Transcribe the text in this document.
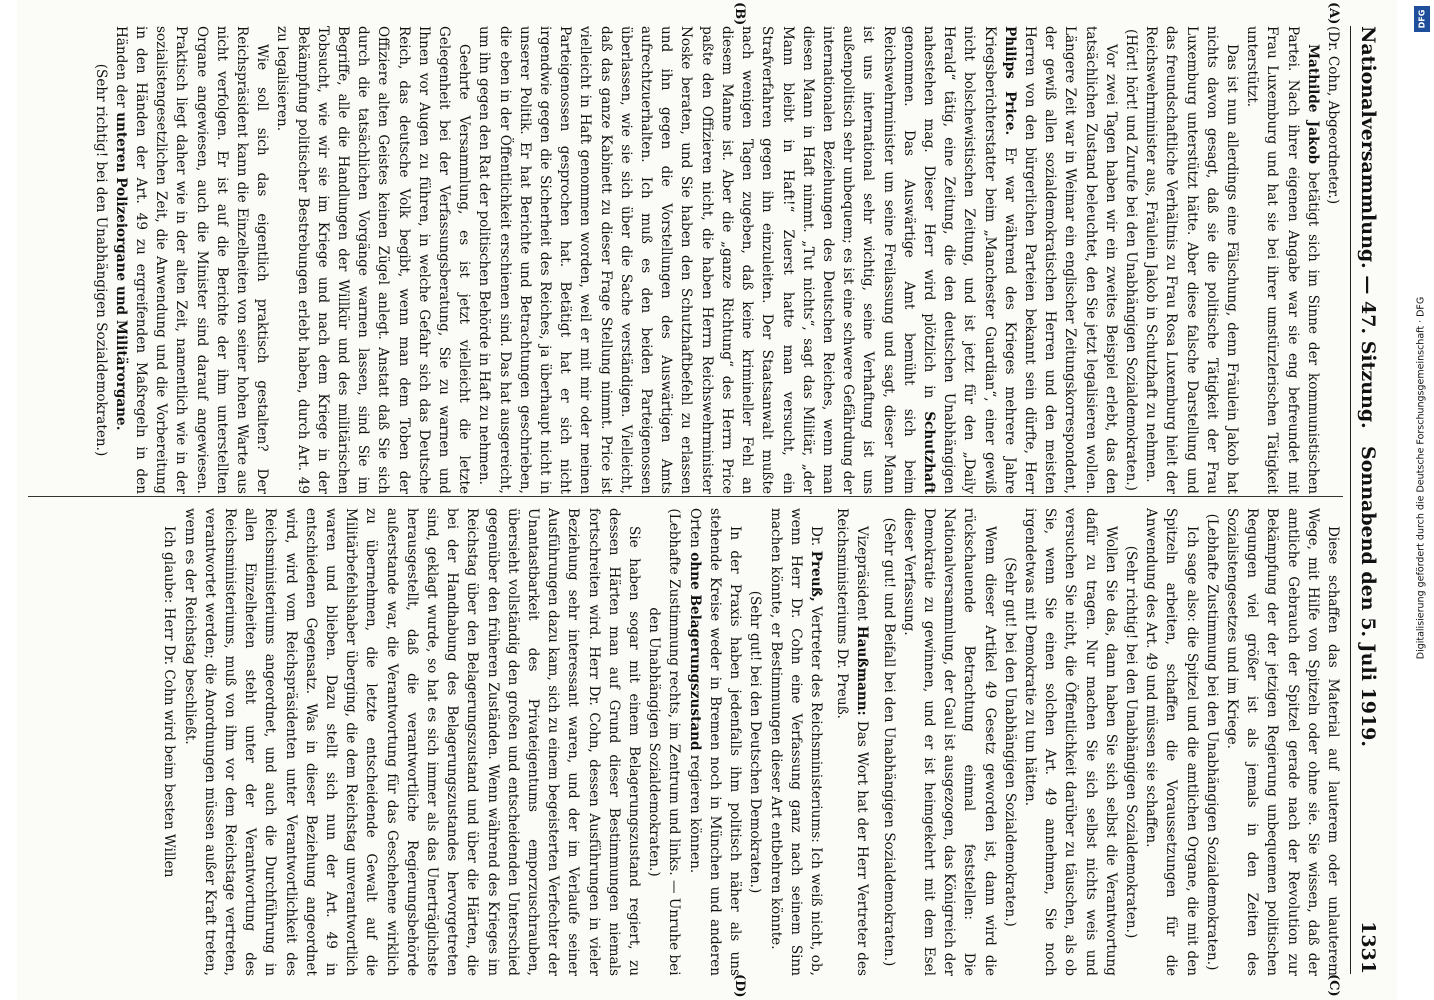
Nationalversammlung. — 47. Sitzung.
Sonnabend den 5. Juli 1919.
1331
(A)
(B)
(C)
(D)

(Dr. Cohn, Abgeordneter.)

Mathilde Jakob betätigt sich im Sinne der kommunistischen Partei. Nach ihrer eigenen Angabe war sie eng befreundet mit Frau Luxemburg und hat sie bei ihrer umstürzlerischen Tätigkeit unterstützt.

Das ist nun allerdings eine Fälschung, denn Fräulein Jakob hat nichts davon gesagt, daß sie die politische Tätigkeit der Frau Luxemburg unterstützt hätte. Aber diese falsche Darstellung und das freundschaftliche Verhältnis zu Frau Rosa Luxemburg hielt der Reichswehrminister aus, Fräulein Jakob in Schutzhaft zu nehmen.

(Hört! hört! und Zurufe bei den Unabhängigen Sozialdemokraten.)

Vor zwei Tagen haben wir ein zweites Beispiel erlebt, das den tatsächlichen Zustand beleuchtet, den Sie jetzt legalisieren wollen. Längere Zeit war in Weimar ein englischer Zeitungskorrespondent, der gewiß allen sozialdemokratischen Herren und den meisten Herren von den bürgerlichen Parteien bekannt sein dürfte, Herr Philips Price. Er war während des Krieges mehrere Jahre Kriegsberichterstatter beim „Manchester Guardian“, einer gewiß nicht bolschewistischen Zeitung, und ist jetzt für den „Daily Herald“ tätig, eine Zeitung, die den deutschen Unabhängigen nahestehen mag. Dieser Herr wird plötzlich in Schutzhaft genommen. Das Auswärtige Amt bemüht sich beim Reichswehrminister um seine Freilassung und sagt, dieser Mann ist uns international sehr wichtig, seine Verhaftung ist uns außenpolitisch sehr unbequem; es ist eine schwere Gefährdung der internationalen Beziehungen des Deutschen Reiches, wenn man diesen Mann in Haft nimmt. „Tut nichts“, sagt das Militär, „der Mann bleibt in Haft!“ Zuerst hatte man versucht, ein Strafverfahren gegen ihn einzuleiten. Der Staatsanwalt mußte nach wenigen Tagen zugeben, daß keine krimineller Fehl an diesem Manne ist. Aber die „ganze Richtung“ des Herrn Price paßte den Offizieren nicht, die haben Herrn Reichswehrminister Noske beraten, und Sie haben den Schutzhaftbefehl zu erlassen und ihn gegen die Vorstellungen des Auswärtigen Amts aufrechtzuerhalten. Ich muß es den beiden Parteigenossen überlassen, wie sie sich über die Sache verständigen. Vielleicht, daß das ganze Kabinett zu dieser Frage Stellung nimmt. Price ist vielleicht in Haft genommen worden, weil er mit mir oder meinen Parteigenossen gesprochen hat. Betätigt hat er sich nicht irgendwie gegen die Sicherheit des Reiches, ja überhaupt nicht in unserer Politik. Er hat Berichte und Betrachtungen geschrieben, die eben in der Öffentlichkeit erschienen sind. Das hat ausgereicht, um ihn gegen den Rat der politischen Behörde in Haft zu nehmen.

Geehrte Versammlung, es ist jetzt vielleicht die letzte Gelegenheit bei der Verfassungsberatung, Sie zu warnen und Ihnen vor Augen zu führen, in welche Gefahr sich das Deutsche Reich, das deutsche Volk begibt, wenn man dem Toben der Offiziere alten Geistes keinen Zügel anlegt. Anstatt daß Sie sich durch die tatsächlichen Vorgänge warnen lassen, sind Sie im Begriffe, alle die Handlungen der Willkür und des militärischen Tobsucht, wie wir sie im Kriege und nach dem Kriege in der Bekämpfung politischer Bestrebungen erlebt haben, durch Art. 49 zu legalisieren.

Wie soll sich das eigentlich praktisch gestalten? Der Reichspräsident kann die Einzelheiten von seiner hohen Warte aus nicht verfolgen. Er ist auf die Berichte der ihm unterstellten Organe angewiesen, auch die Minister sind darauf angewiesen. Praktisch liegt daher wie in der alten Zeit, namentlich wie in der sozialistengesetzlichen Zeit, die Anwendung und die Vorbereitung in den Händen der Art. 49 zu ergreifenden Maßregeln in den Händen der unteren Polizeiorgane und Militärorgane.

(Sehr richtig! bei den Unabhängigen Sozialdemokraten.)

Diese schaffen das Material auf lauterem oder unlauterem Wege, mit Hilfe von Spitzeln oder ohne sie. Sie wissen, daß der amtliche Gebrauch der Spitzel gerade nach der Revolution zur Bekämpfung der der jetzigen Regierung unbequemen politischen Regungen viel größer ist als jemals in den Zeiten des Sozialistengesetzes und im Kriege.

(Lebhafte Zustimmung bei den Unabhängigen Sozialdemokraten.)

Ich sage also: die Spitzel und die amtlichen Organe, die mit den Spitzeln arbeiten, schaffen die Voraussetzungen für die Anwendung des Art. 49 und müssen sie schaffen.

(Sehr richtig! bei den Unabhängigen Sozialdemokraten.)

Wollen Sie das, dann haben Sie sich selbst die Verantwortung dafür zu tragen. Nur machen Sie sich selbst nichts weis und versuchen Sie nicht, die Öffentlichkeit darüber zu täuschen, als ob Sie, wenn Sie einen solchen Art. 49 annehmen, Sie noch irgendetwas mit Demokratie zu tun hätten.

(Sehr gut! bei den Unabhängigen Sozialdemokraten.)

Wenn dieser Artikel 49 Gesetz geworden ist, dann wird die rückschauende Betrachtung einmal feststellen: Die Nationalversammlung, der Gaul ist ausgezogen, das Königreich der Demokratie zu gewinnen, und er ist heimgekehrt mit dem Esel dieser Verfassung.

(Sehr gut! und Beifall bei den Unabhängigen Sozialdemokraten.)

Vizepräsident Haußmann: Das Wort hat der Herr Vertreter des Reichsministeriums Dr. Preuß.

Dr. Preuß, Vertreter des Reichsministeriums: Ich weiß nicht, ob, wenn Herr Dr. Cohn eine Verfassung ganz nach seinem Sinn machen könnte, er Bestimmungen dieser Art entbehren könnte.

(Sehr gut! bei den Deutschen Demokraten.)

In der Praxis haben jedenfalls ihm politisch näher als uns stehende Kreise weder in Bremen noch in München und anderen Orten ohne Belagerungszustand regieren können.

(Lebhafte Zustimmung rechts, im Zentrum und links. — Unruhe bei den Unabhängigen Sozialdemokraten.)

Sie haben sogar mit einem Belagerungszustand regiert, zu dessen Härten man auf Grund dieser Bestimmungen niemals fortschreiten wird. Herr Dr. Cohn, dessen Ausführungen in vieler Beziehung sehr interessant waren, und der im Verlaufe seiner Ausführungen dazu kam, sich zu einem begeisterten Verfechter der Unantastbarkeit des Privateigentums emporzuschrauben, übersieht vollständig den großen und entscheidenden Unterschied gegenüber den früheren Zuständen. Wenn während des Krieges im Reichstag über den Belagerungszustand und über die Härten, die bei der Handhabung des Belagerungszustandes hervorgetreten sind, geklagt wurde, so hat es sich immer als das Unerträglichste herausgestellt, daß die verantwortliche Regierungsbehörde außerstande war, die Verantwortung für das Geschehene wirklich zu übernehmen, die letzte entscheidende Gewalt auf die Militärbefehlshaber überging, die dem Reichstag unverantwortlich waren und blieben. Dazu stellt sich nun der Art. 49 in entschiedenen Gegensatz. Was in dieser Beziehung angeordnet wird, wird vom Reichspräsidenten unter Verantwortlichkeit des Reichsministeriums angeordnet, und auch die Durchführung in allen Einzelheiten steht unter der Verantwortung des Reichsministeriums, muß von ihm vor dem Reichstage vertreten, verantwortet werden; die Anordnungen müssen außer Kraft treten, wenn es der Reichstag beschließt.

Ich glaube: Herr Dr. Cohn wird beim besten Willen

DFG
Digitalisierung gefördert durch die Deutsche Forschungsgemeinschaft · DFG
